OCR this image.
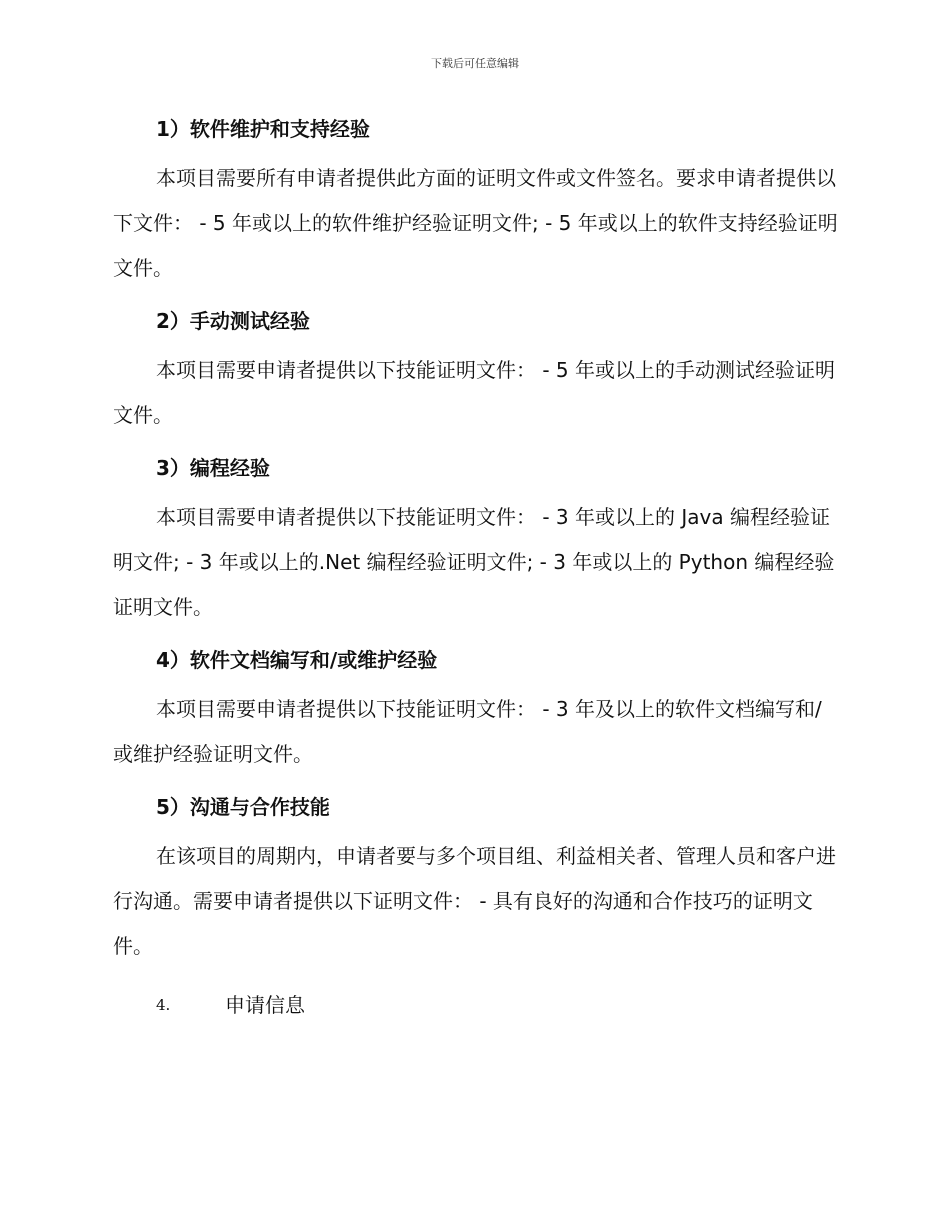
下载后可任意编辑

1）软件维护和支持经验

本项目需要所有申请者提供此方面的证明文件或文件签名。要求申请者提供以下文件： - 5 年或以上的软件维护经验证明文件; - 5 年或以上的软件支持经验证明文件。

2）手动测试经验

本项目需要申请者提供以下技能证明文件： - 5 年或以上的手动测试经验证明文件。

3）编程经验

本项目需要申请者提供以下技能证明文件： - 3 年或以上的 Java 编程经验证明文件; - 3 年或以上的.Net 编程经验证明文件; - 3 年或以上的 Python 编程经验证明文件。

4）软件文档编写和/或维护经验

本项目需要申请者提供以下技能证明文件： - 3 年及以上的软件文档编写和/或维护经验证明文件。

5）沟通与合作技能

在该项目的周期内，申请者要与多个项目组、利益相关者、管理人员和客户进行沟通。需要申请者提供以下证明文件： - 具有良好的沟通和合作技巧的证明文件。

4.	申请信息
